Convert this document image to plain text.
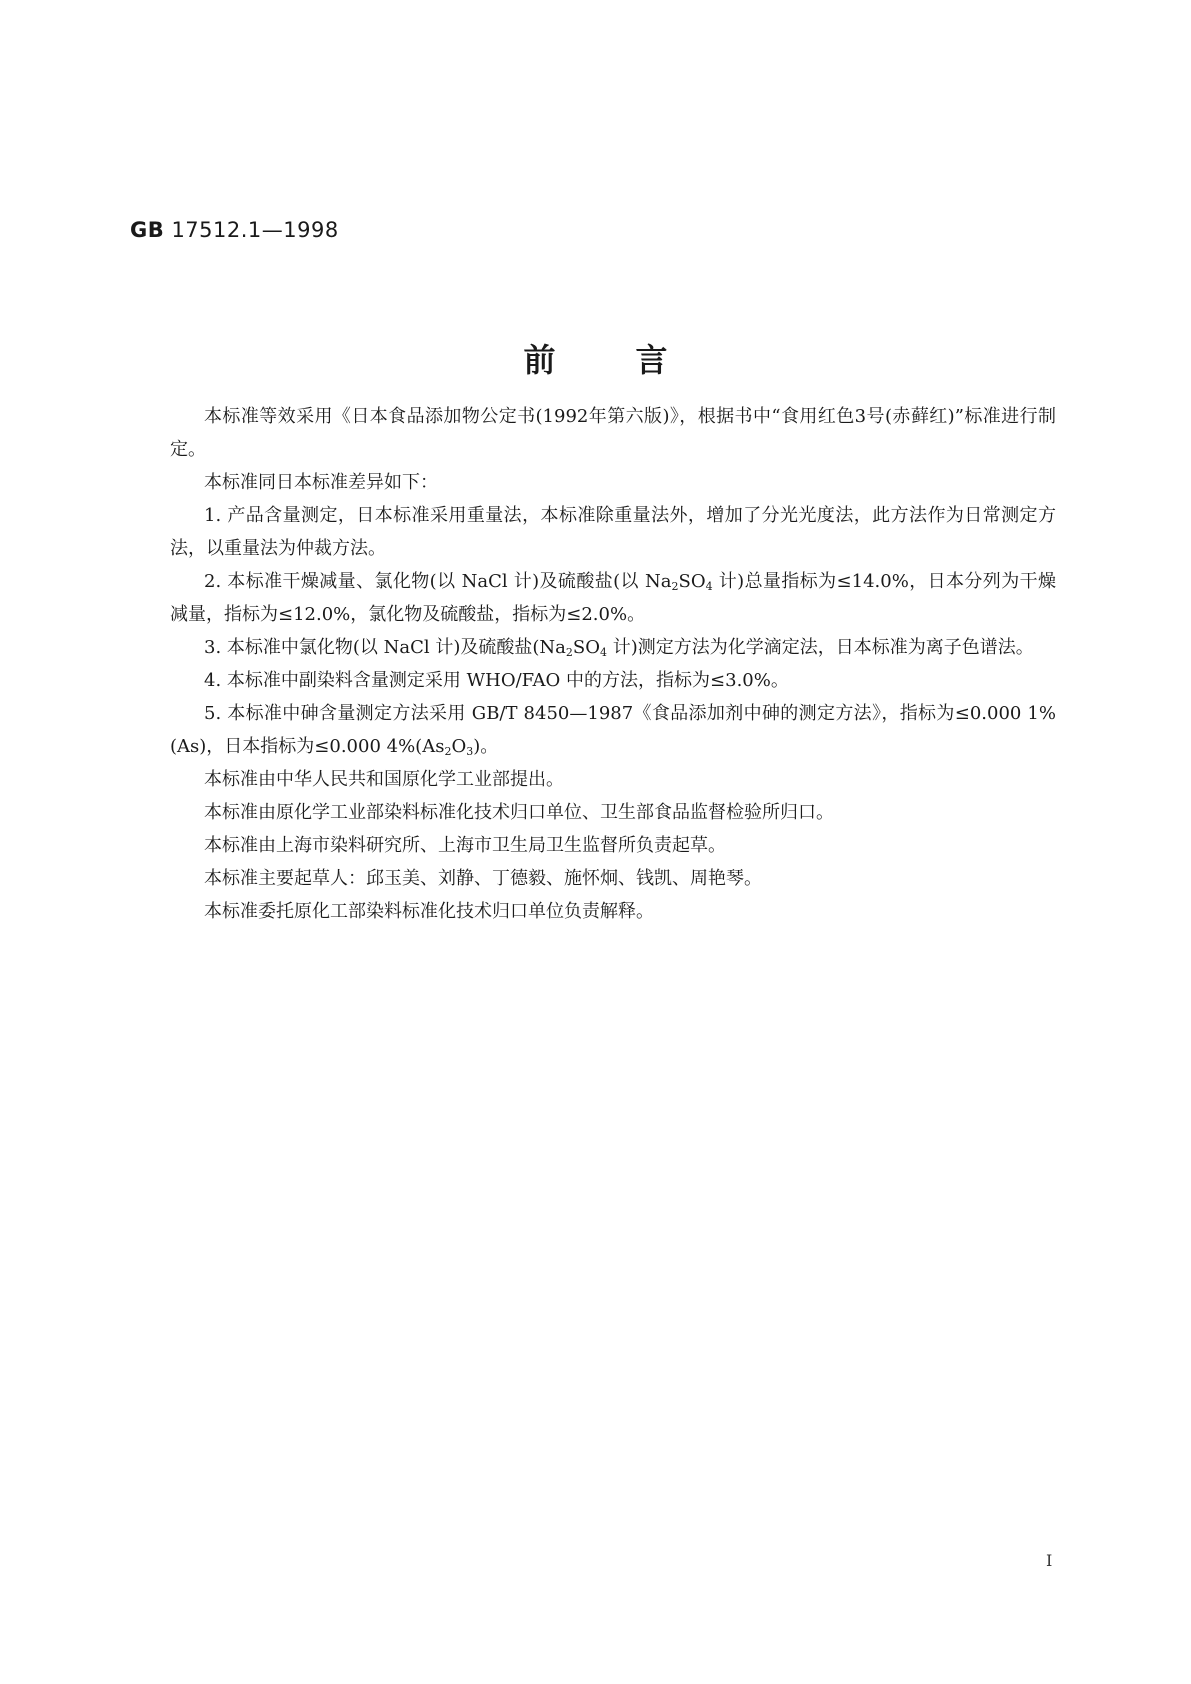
GB 17512.1—1998
前言

本标准等效采用《日本食品添加物公定书(1992年第六版)》，根据书中“食用红色3号(赤藓红)”标准进行制定。

本标准同日本标准差异如下：

1. 产品含量测定，日本标准采用重量法，本标准除重量法外，增加了分光光度法，此方法作为日常测定方法，以重量法为仲裁方法。

2. 本标准干燥减量、氯化物(以 NaCl 计)及硫酸盐(以 $Na_2SO_4$ 计)总量指标为≤14.0%，日本分列为干燥减量，指标为≤12.0%，氯化物及硫酸盐，指标为≤2.0%。

3. 本标准中氯化物(以 NaCl 计)及硫酸盐($Na_2SO_4$ 计)测定方法为化学滴定法，日本标准为离子色谱法。

4. 本标准中副染料含量测定采用 WHO/FAO 中的方法，指标为≤3.0%。

5. 本标准中砷含量测定方法采用 GB/T 8450—1987《食品添加剂中砷的测定方法》，指标为≤0.000 1%(As)，日本指标为≤0.000 $4\%(As_2O_3)$。

本标准由中华人民共和国原化学工业部提出。

本标准由原化学工业部染料标准化技术归口单位、卫生部食品监督检验所归口。

本标准由上海市染料研究所、上海市卫生局卫生监督所负责起草。

本标准主要起草人：邱玉美、刘静、丁德毅、施怀炯、钱凯、周艳琴。

本标准委托原化工部染料标准化技术归口单位负责解释。

I
